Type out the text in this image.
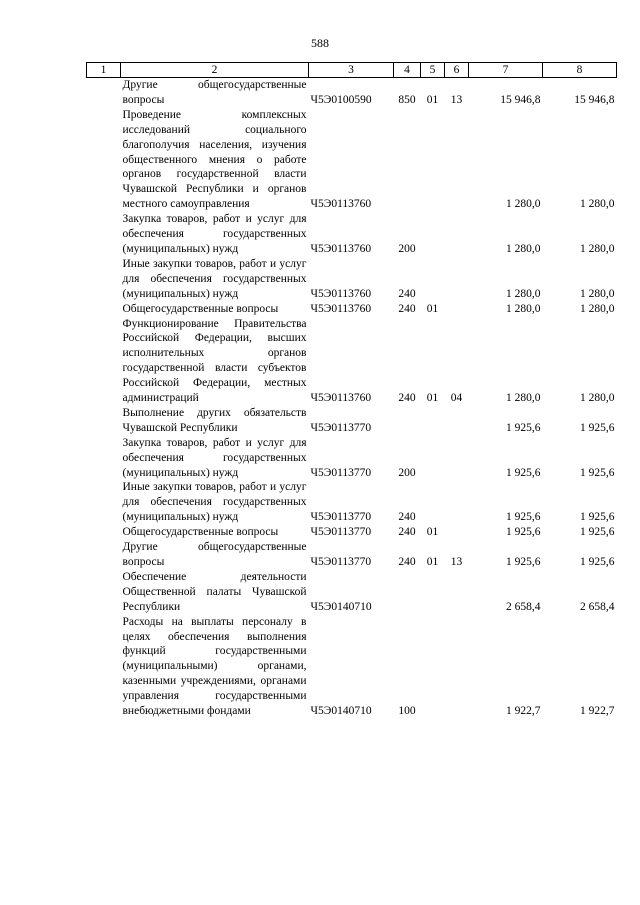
588
1	2	3	4	5	6	7	8
	Другие общегосударственные вопросы	Ч5Э0100590	850	01	13	15 946,8	15 946,8
	Проведение комплексных исследований социального благополучия населения, изучения общественного мнения о работе органов государственной власти Чувашской Республики и органов местного самоуправления	Ч5Э0113760				1 280,0	1 280,0
	Закупка товаров, работ и услуг для обеспечения государственных (муниципальных) нужд	Ч5Э0113760	200			1 280,0	1 280,0
	Иные закупки товаров, работ и услуг для обеспечения государственных (муниципальных) нужд	Ч5Э0113760	240			1 280,0	1 280,0
	Общегосударственные вопросы	Ч5Э0113760	240	01		1 280,0	1 280,0
	Функционирование Правительства Российской Федерации, высших исполнительных органов государственной власти субъектов Российской Федерации, местных администраций	Ч5Э0113760	240	01	04	1 280,0	1 280,0
	Выполнение других обязательств Чувашской Республики	Ч5Э0113770				1 925,6	1 925,6
	Закупка товаров, работ и услуг для обеспечения государственных (муниципальных) нужд	Ч5Э0113770	200			1 925,6	1 925,6
	Иные закупки товаров, работ и услуг для обеспечения государственных (муниципальных) нужд	Ч5Э0113770	240			1 925,6	1 925,6
	Общегосударственные вопросы	Ч5Э0113770	240	01		1 925,6	1 925,6
	Другие общегосударственные вопросы	Ч5Э0113770	240	01	13	1 925,6	1 925,6
	Обеспечение деятельности Общественной палаты Чувашской Республики	Ч5Э0140710				2 658,4	2 658,4
	Расходы на выплаты персоналу в целях обеспечения выполнения функций государственными (муниципальными) органами, казенными учреждениями, органами управления государственными внебюджетными фондами	Ч5Э0140710	100			1 922,7	1 922,7
